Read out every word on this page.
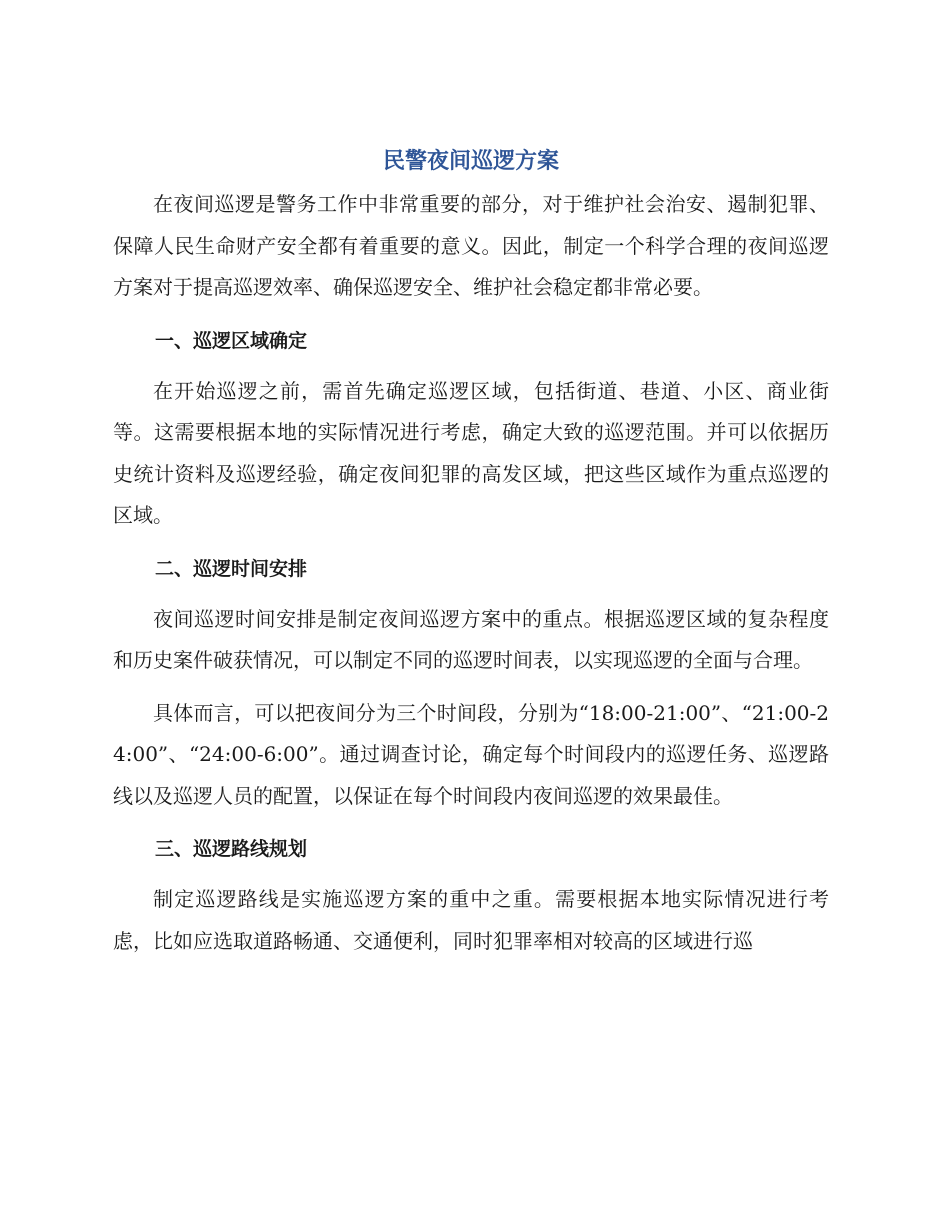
民警夜间巡逻方案

在夜间巡逻是警务工作中非常重要的部分，对于维护社会治安、遏制犯罪、保障人民生命财产安全都有着重要的意义。因此，制定一个科学合理的夜间巡逻方案对于提高巡逻效率、确保巡逻安全、维护社会稳定都非常必要。

一、巡逻区域确定

在开始巡逻之前，需首先确定巡逻区域，包括街道、巷道、小区、商业街等。这需要根据本地的实际情况进行考虑，确定大致的巡逻范围。并可以依据历史统计资料及巡逻经验，确定夜间犯罪的高发区域，把这些区域作为重点巡逻的区域。

二、巡逻时间安排

夜间巡逻时间安排是制定夜间巡逻方案中的重点。根据巡逻区域的复杂程度和历史案件破获情况，可以制定不同的巡逻时间表，以实现巡逻的全面与合理。

具体而言，可以把夜间分为三个时间段，分别为“18:00-21:00”、“21:00-24:00”、“24:00-6:00”。通过调查讨论，确定每个时间段内的巡逻任务、巡逻路线以及巡逻人员的配置，以保证在每个时间段内夜间巡逻的效果最佳。

三、巡逻路线规划

制定巡逻路线是实施巡逻方案的重中之重。需要根据本地实际情况进行考虑，比如应选取道路畅通、交通便利，同时犯罪率相对较高的区域进行巡
